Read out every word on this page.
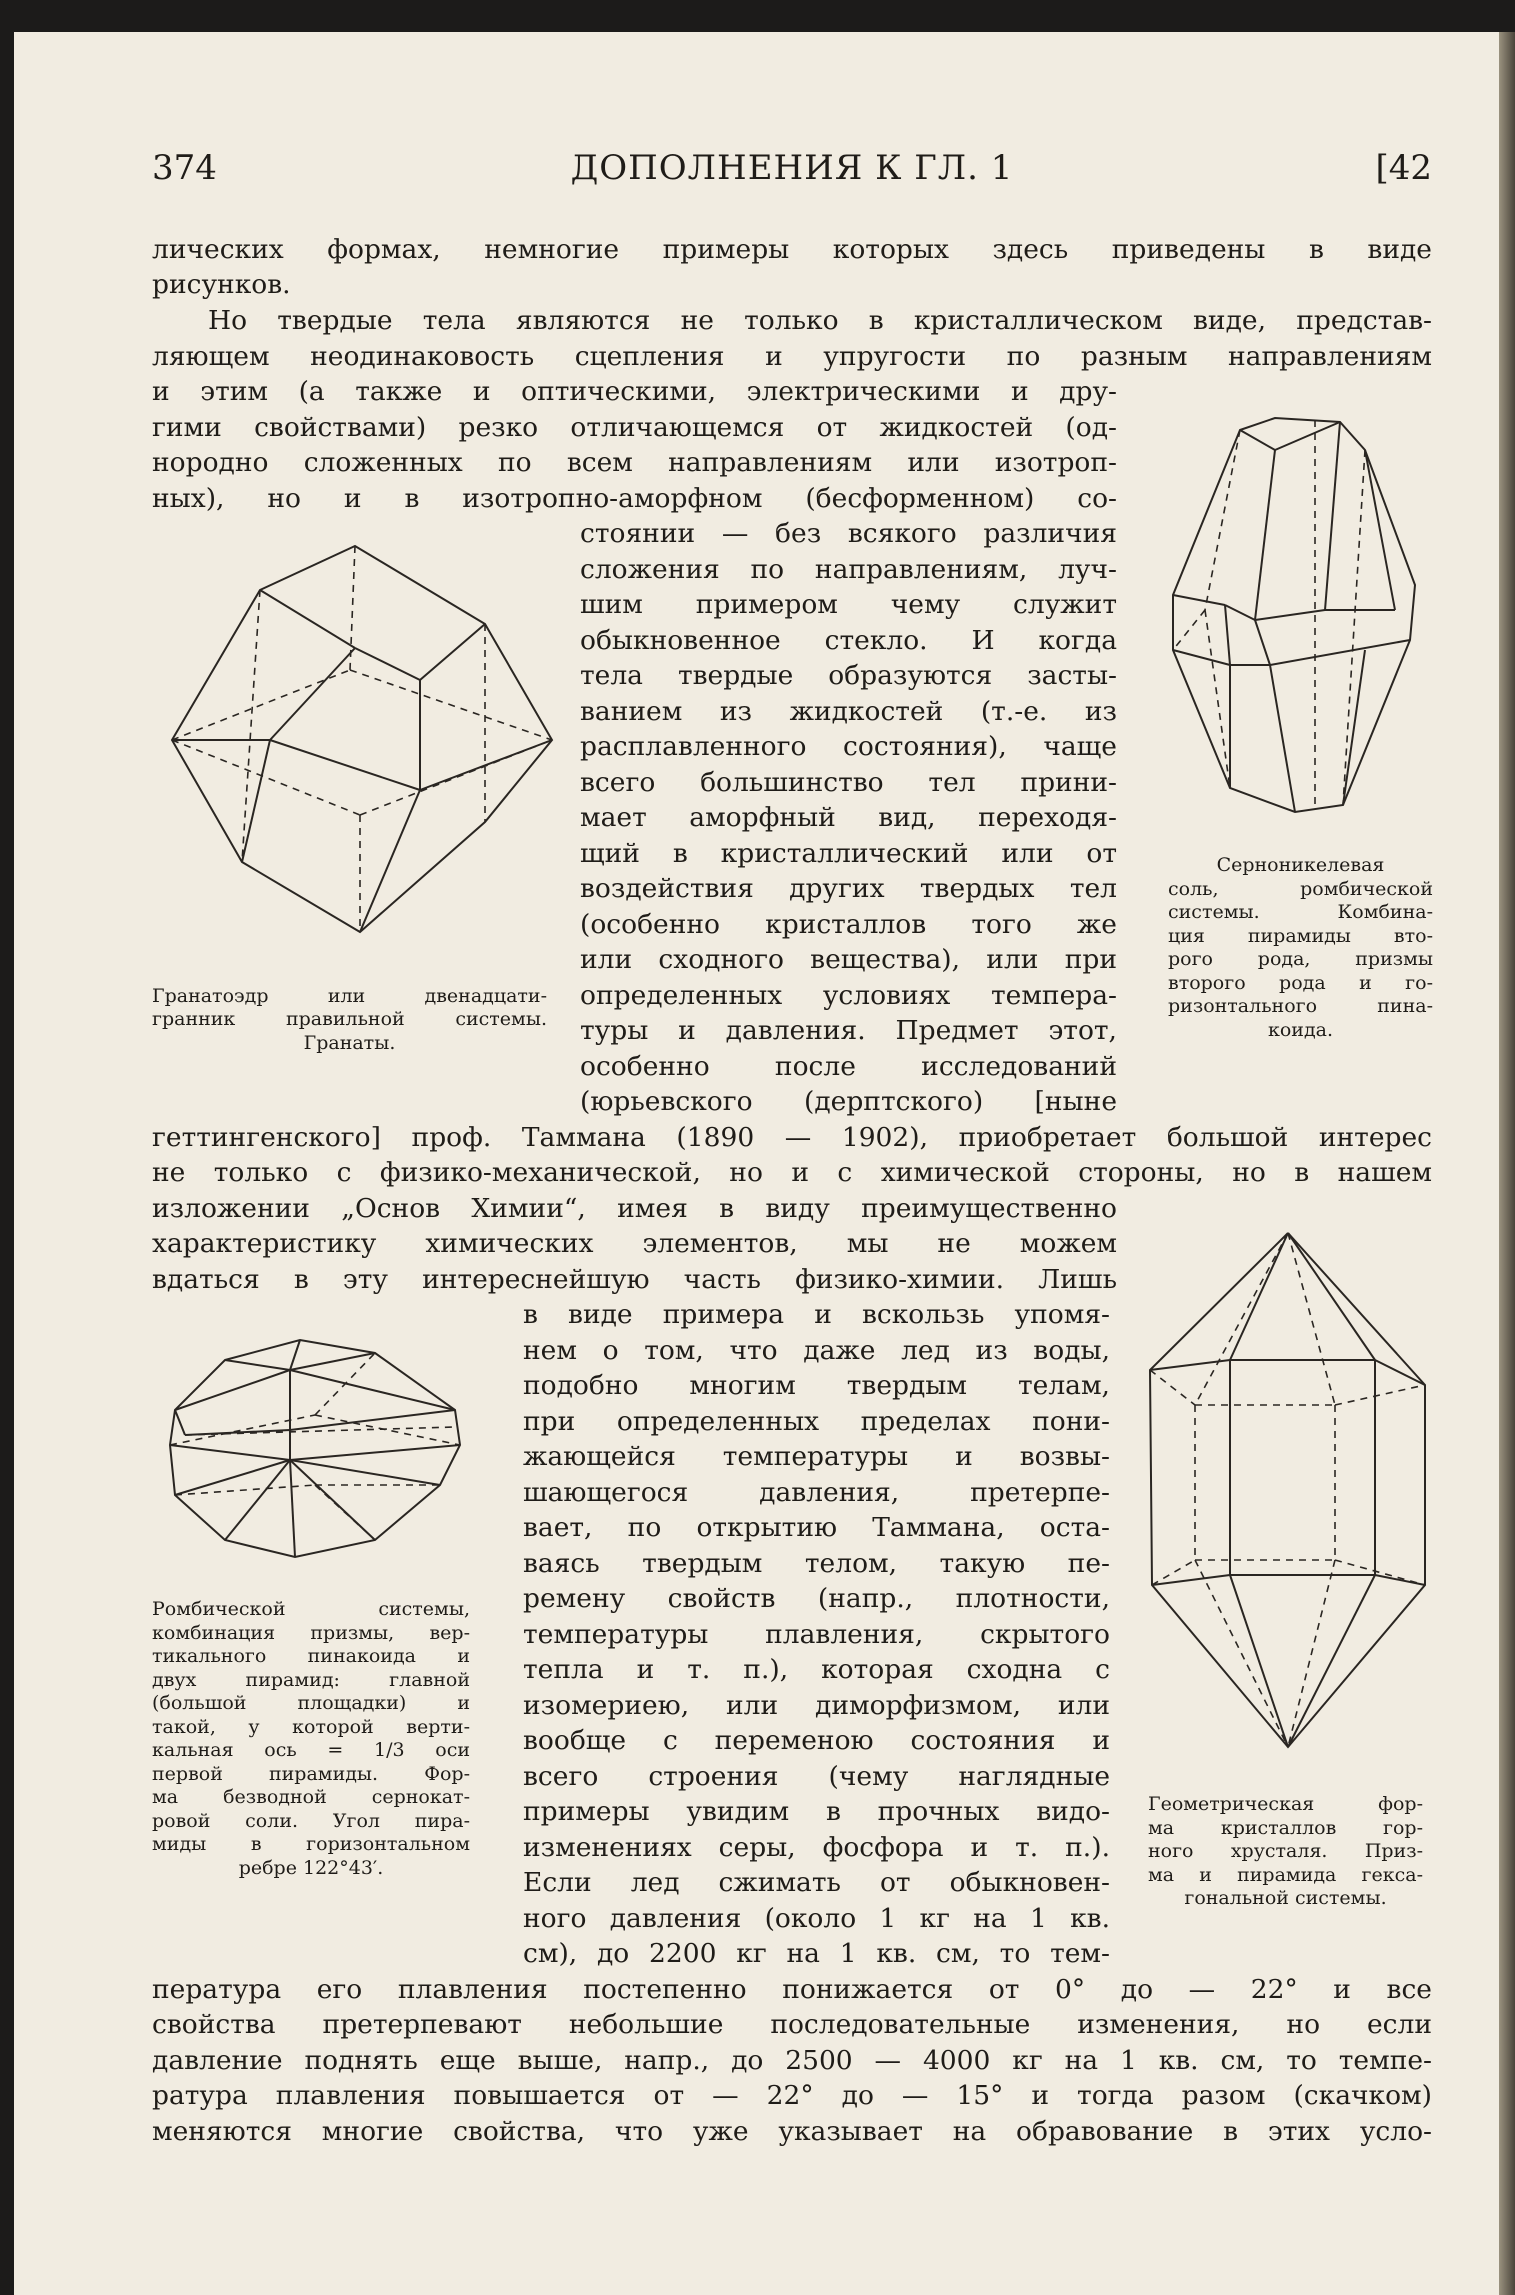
374	ДОПОЛНЕНИЯ К ГЛ. 1	[42
лических формах, немногие примеры которых здесь приведены в виде
рисунков.
Но твердые тела являются не только в кристаллическом виде, представ-
ляющем неодинаковость сцепления и упругости по разным направлениям
и этим (а также и оптическими, электрическими и дру-
гими свойствами) резко отличающемся от жидкостей (од-
нородно сложенных по всем направлениям или изотроп-
ных), но и в изотропно-аморфном (бесформенном) со-
стоянии — без всякого различия
сложения по направлениям, луч-
шим примером чему служит
обыкновенное стекло. И когда
тела твердые образуются засты-
ванием из жидкостей (т.-е. из
расплавленного состояния), чаще
всего большинство тел прини-
мает аморфный вид, переходя-
щий в кристаллический или от
воздействия других твердых тел
(особенно кристаллов того же
или сходного вещества), или при
определенных условиях темпера-
туры и давления. Предмет этот,
особенно после исследований
(юрьевского (дерптского) [ныне
геттингенского] проф. Таммана (1890 — 1902), приобретает большой интерес
не только с физико-механической, но и с химической стороны, но в нашем
изложении „Основ Химии“, имея в виду преимущественно
характеристику химических элементов, мы не можем
вдаться в эту интереснейшую часть физико-химии. Лишь
в виде примера и вскользь упомя-
нем о том, что даже лед из воды,
подобно многим твердым телам,
при определенных пределах пони-
жающейся температуры и возвы-
шающегося давления, претерпе-
вает, по открытию Таммана, оста-
ваясь твердым телом, такую пе-
ремену свойств (напр., плотности,
температуры плавления, скрытого
тепла и т. п.), которая сходна с
изомериею, или диморфизмом, или
вообще с переменою состояния и
всего строения (чему наглядные
примеры увидим в прочных видо-
изменениях серы, фосфора и т. п.).
Если лед сжимать от обыкновен-
ного давления (около 1 кг на 1 кв.
см), до 2200 кг на 1 кв. см, то тем-
пература его плавления постепенно понижается от 0° до — 22° и все
свойства претерпевают небольшие последовательные изменения, но если
давление поднять еще выше, напр., до 2500 — 4000 кг на 1 кв. см, то темпе-
ратура плавления повышается от — 22° до — 15° и тогда разом (скачком)
меняются многие свойства, что уже указывает на обравование в этих усло-
Гранатоэдр или двенадцати-
гранник правильной системы.
Гранаты.
Серноникелевая
соль, ромбической
системы. Комбина-
ция пирамиды вто-
рого рода, призмы
второго рода и го-
ризонтального пина-
коида.
Ромбической системы,
комбинация призмы, вер-
тикального пинакоида и
двух пирамид: главной
(большой площадки) и
такой, у которой верти-
кальная ось = 1/3 оси
первой пирамиды. Фор-
ма безводной сернокат-
ровой соли. Угол пира-
миды в горизонтальном
ребре 122°43′.
Геометрическая фор-
ма кристаллов гор-
ного хрусталя. Приз-
ма и пирамида гекса-
гональной системы.
